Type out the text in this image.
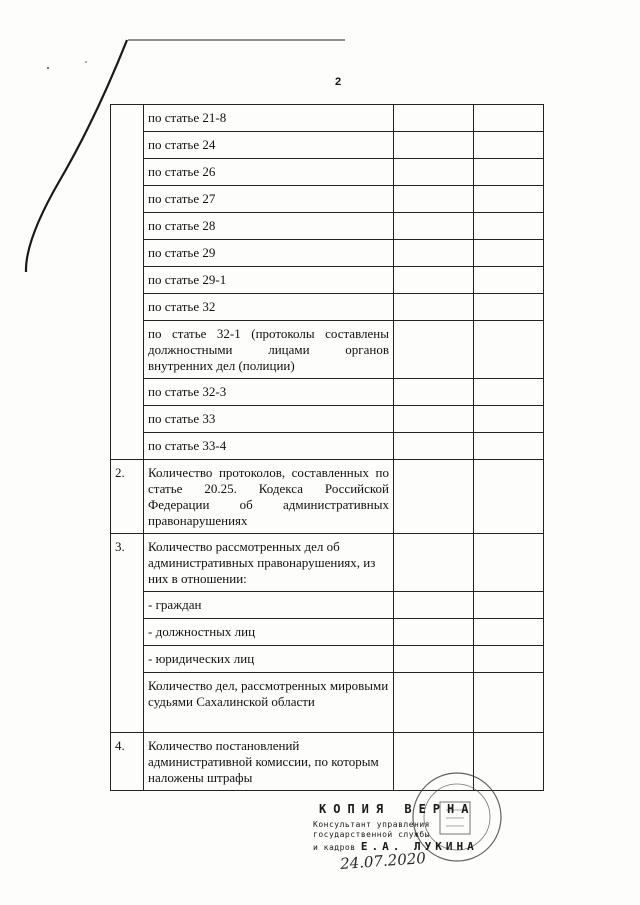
2
	по статье 21-8		
	по статье 24		
	по статье 26		
	по статье 27		
	по статье 28		
	по статье 29		
	по статье 29-1		
	по статье 32		
	по статье 32-1 (протоколы составлены должностными лицами органов внутренних дел (полиции)		
	по статье 32-3		
	по статье 33		
	по статье 33-4		
2.	Количество протоколов, составленных по статье 20.25. Кодекса Российской Федерации об административных правонарушениях		
3.	Количество рассмотренных дел об административных правонарушениях, из них в отношении:		
	- граждан		
	- должностных лиц		
	- юридических лиц		
	Количество дел, рассмотренных мировыми судьями Сахалинской области		
4.	Количество постановлений административной комиссии, по которым наложены штрафы		
КОПИЯ ВЕРНА
Консультант управления
государственной службы
и кадров Е.А. ЛУКИНА
24.07.2020
